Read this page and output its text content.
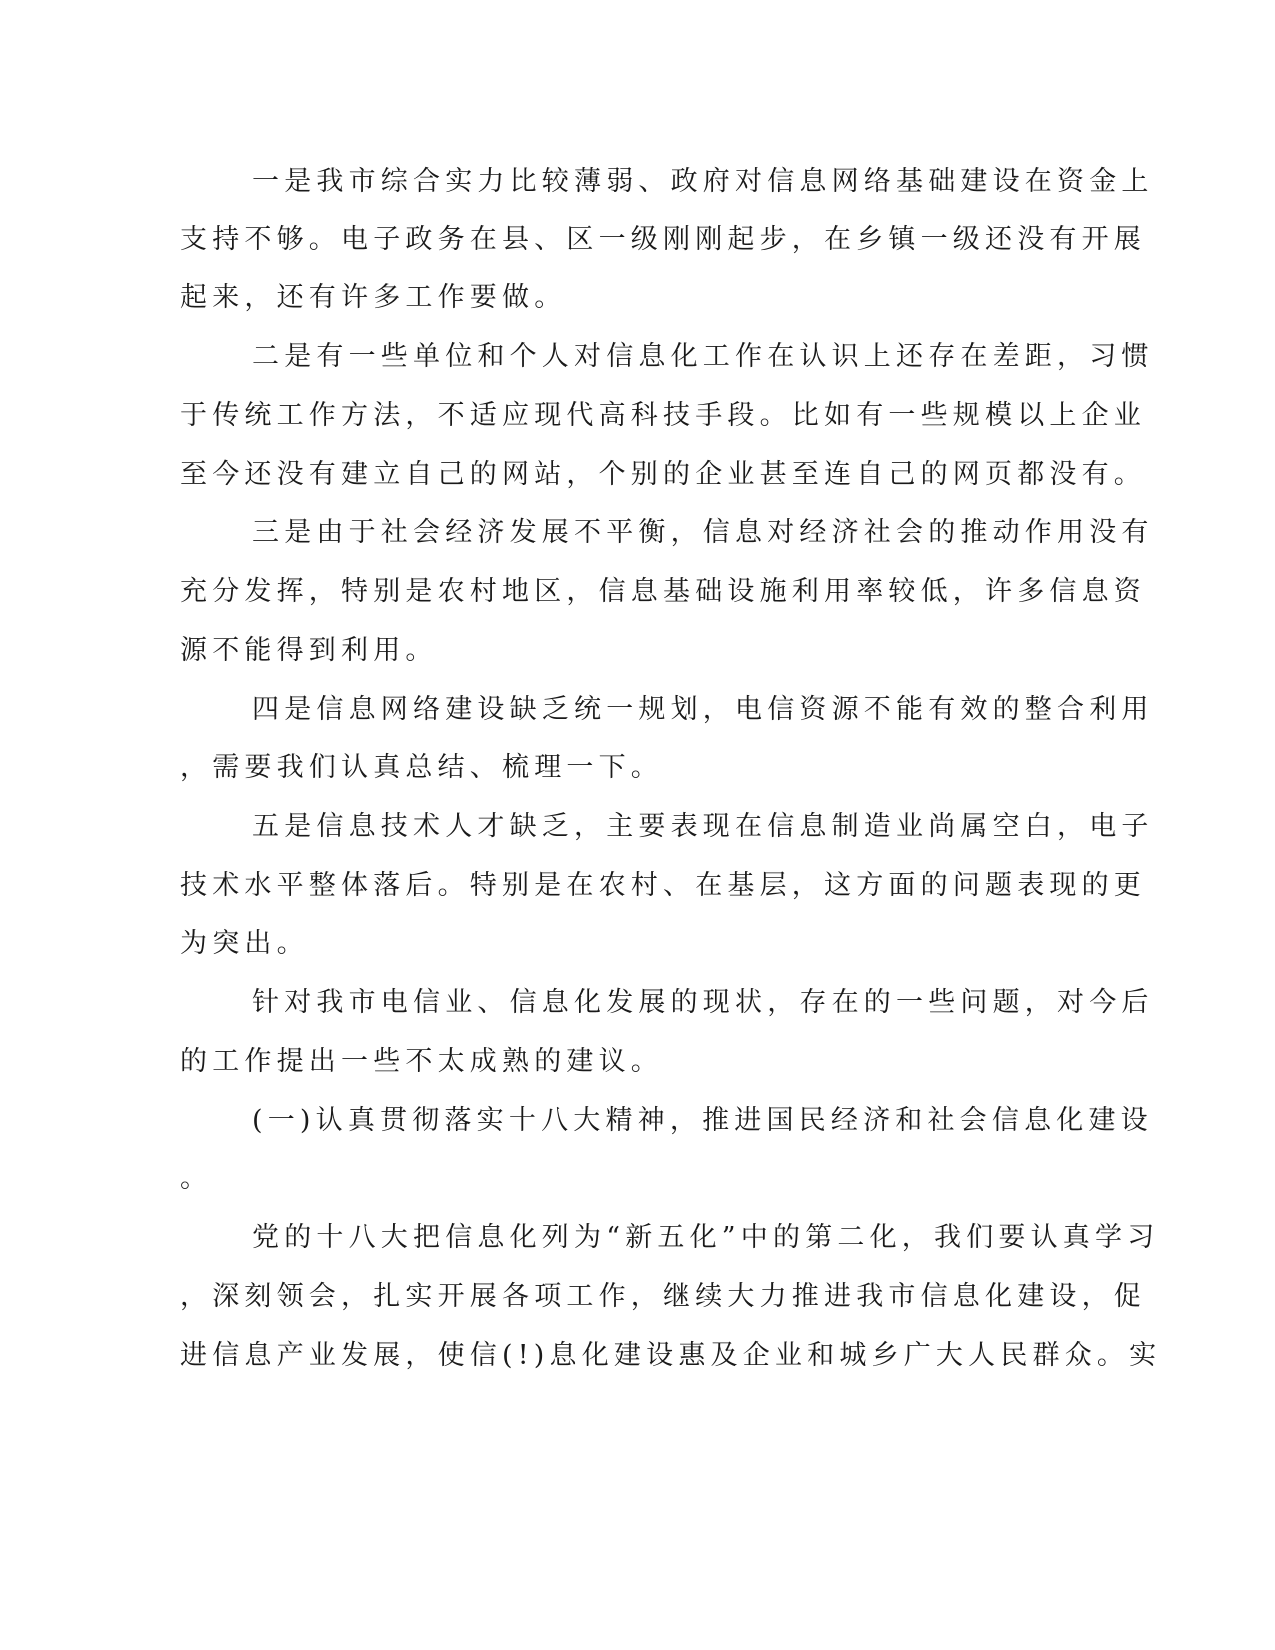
一是我市综合实力比较薄弱、政府对信息网络基础建设在资金上

支持不够。电子政务在县、区一级刚刚起步，在乡镇一级还没有开展

起来，还有许多工作要做。

二是有一些单位和个人对信息化工作在认识上还存在差距，习惯

于传统工作方法，不适应现代高科技手段。比如有一些规模以上企业

至今还没有建立自己的网站，个别的企业甚至连自己的网页都没有。

三是由于社会经济发展不平衡，信息对经济社会的推动作用没有

充分发挥，特别是农村地区，信息基础设施利用率较低，许多信息资

源不能得到利用。

四是信息网络建设缺乏统一规划，电信资源不能有效的整合利用

，需要我们认真总结、梳理一下。

五是信息技术人才缺乏，主要表现在信息制造业尚属空白，电子

技术水平整体落后。特别是在农村、在基层，这方面的问题表现的更

为突出。

针对我市电信业、信息化发展的现状，存在的一些问题，对今后

的工作提出一些不太成熟的建议。

(一)认真贯彻落实十八大精神，推进国民经济和社会信息化建设

。

党的十八大把信息化列为“新五化”中的第二化，我们要认真学习

，深刻领会，扎实开展各项工作，继续大力推进我市信息化建设，促

进信息产业发展，使信(!)息化建设惠及企业和城乡广大人民群众。实
